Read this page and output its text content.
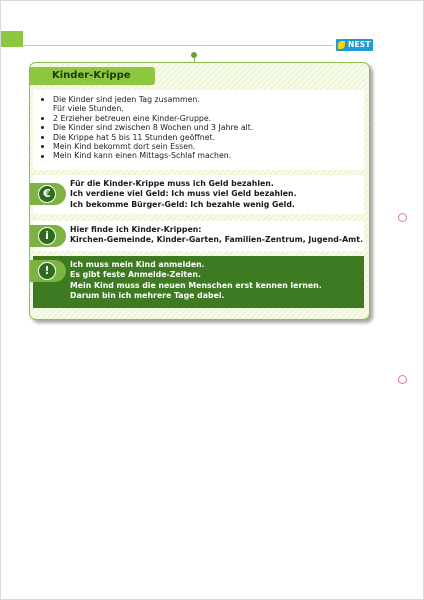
NEST
Kinder-Krippe
Die Kinder sind jeden Tag zusammen.
Für viele Stunden.
2 Erzieher betreuen eine Kinder-Gruppe.
Die Kinder sind zwischen 8 Wochen und 3 Jahre alt.
Die Krippe hat 5 bis 11 Stunden geöffnet.
Mein Kind bekommt dort sein Essen.
Mein Kind kann einen Mittags-Schlaf machen.
€
Für die Kinder-Krippe muss ich Geld bezahlen.
Ich verdiene viel Geld: Ich muss viel Geld bezahlen.
Ich bekomme Bürger-Geld: Ich bezahle wenig Geld.
i	Hier finde ich Kinder-Krippen:
Kirchen-Gemeinde, Kinder-Garten, Familien-Zentrum, Jugend-Amt.
!	Ich muss mein Kind anmelden.
Es gibt feste Anmelde-Zeiten.
Mein Kind muss die neuen Menschen erst kennen lernen.
Darum bin ich mehrere Tage dabei.
